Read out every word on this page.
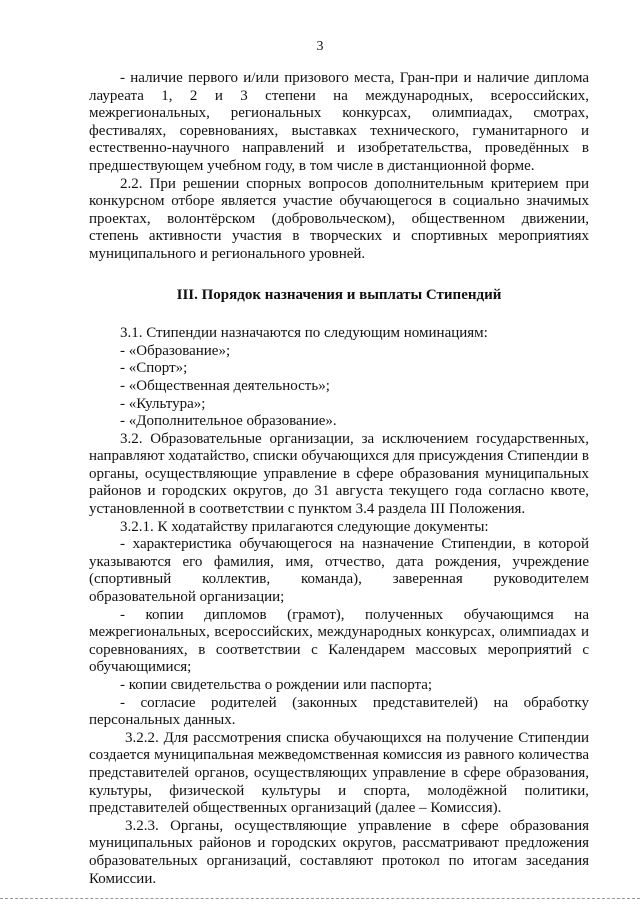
3

- наличие первого и/или призового места, Гран-при и наличие диплома лауреата 1, 2 и 3 степени на международных, всероссийских, межрегиональных, региональных конкурсах, олимпиадах, смотрах, фестивалях, соревнованиях, выставках технического, гуманитарного и естественно-научного направлений и изобретательства, проведённых в предшествующем учебном году, в том числе в дистанционной форме.

2.2. При решении спорных вопросов дополнительным критерием при конкурсном отборе является участие обучающегося в социально значимых проектах, волонтёрском (добровольческом), общественном движении, степень активности участия в творческих и спортивных мероприятиях муниципального и регионального уровней.

III. Порядок назначения и выплаты Стипендий

3.1. Стипендии назначаются по следующим номинациям:

- «Образование»;

- «Спорт»;

- «Общественная деятельность»;

- «Культура»;

- «Дополнительное образование».

3.2. Образовательные организации, за исключением государственных, направляют ходатайство, списки обучающихся для присуждения Стипендии в органы, осуществляющие управление в сфере образования муниципальных районов и городских округов, до 31 августа текущего года согласно квоте, установленной в соответствии с пунктом 3.4 раздела III Положения.

3.2.1. К ходатайству прилагаются следующие документы:

- характеристика обучающегося на назначение Стипендии, в которой указываются его фамилия, имя, отчество, дата рождения, учреждение (спортивный коллектив, команда), заверенная руководителем образовательной организации;

- копии дипломов (грамот), полученных обучающимся на межрегиональных, всероссийских, международных конкурсах, олимпиадах и соревнованиях, в соответствии с Календарем массовых мероприятий с обучающимися;

- копии свидетельства о рождении или паспорта;

- согласие родителей (законных представителей) на обработку персональных данных.

3.2.2. Для рассмотрения списка обучающихся на получение Стипендии создается муниципальная межведомственная комиссия из равного количества представителей органов, осуществляющих управление в сфере образования, культуры, физической культуры и спорта, молодёжной политики, представителей общественных организаций (далее – Комиссия).

3.2.3. Органы, осуществляющие управление в сфере образования муниципальных районов и городских округов, рассматривают предложения образовательных организаций, составляют протокол по итогам заседания Комиссии.
